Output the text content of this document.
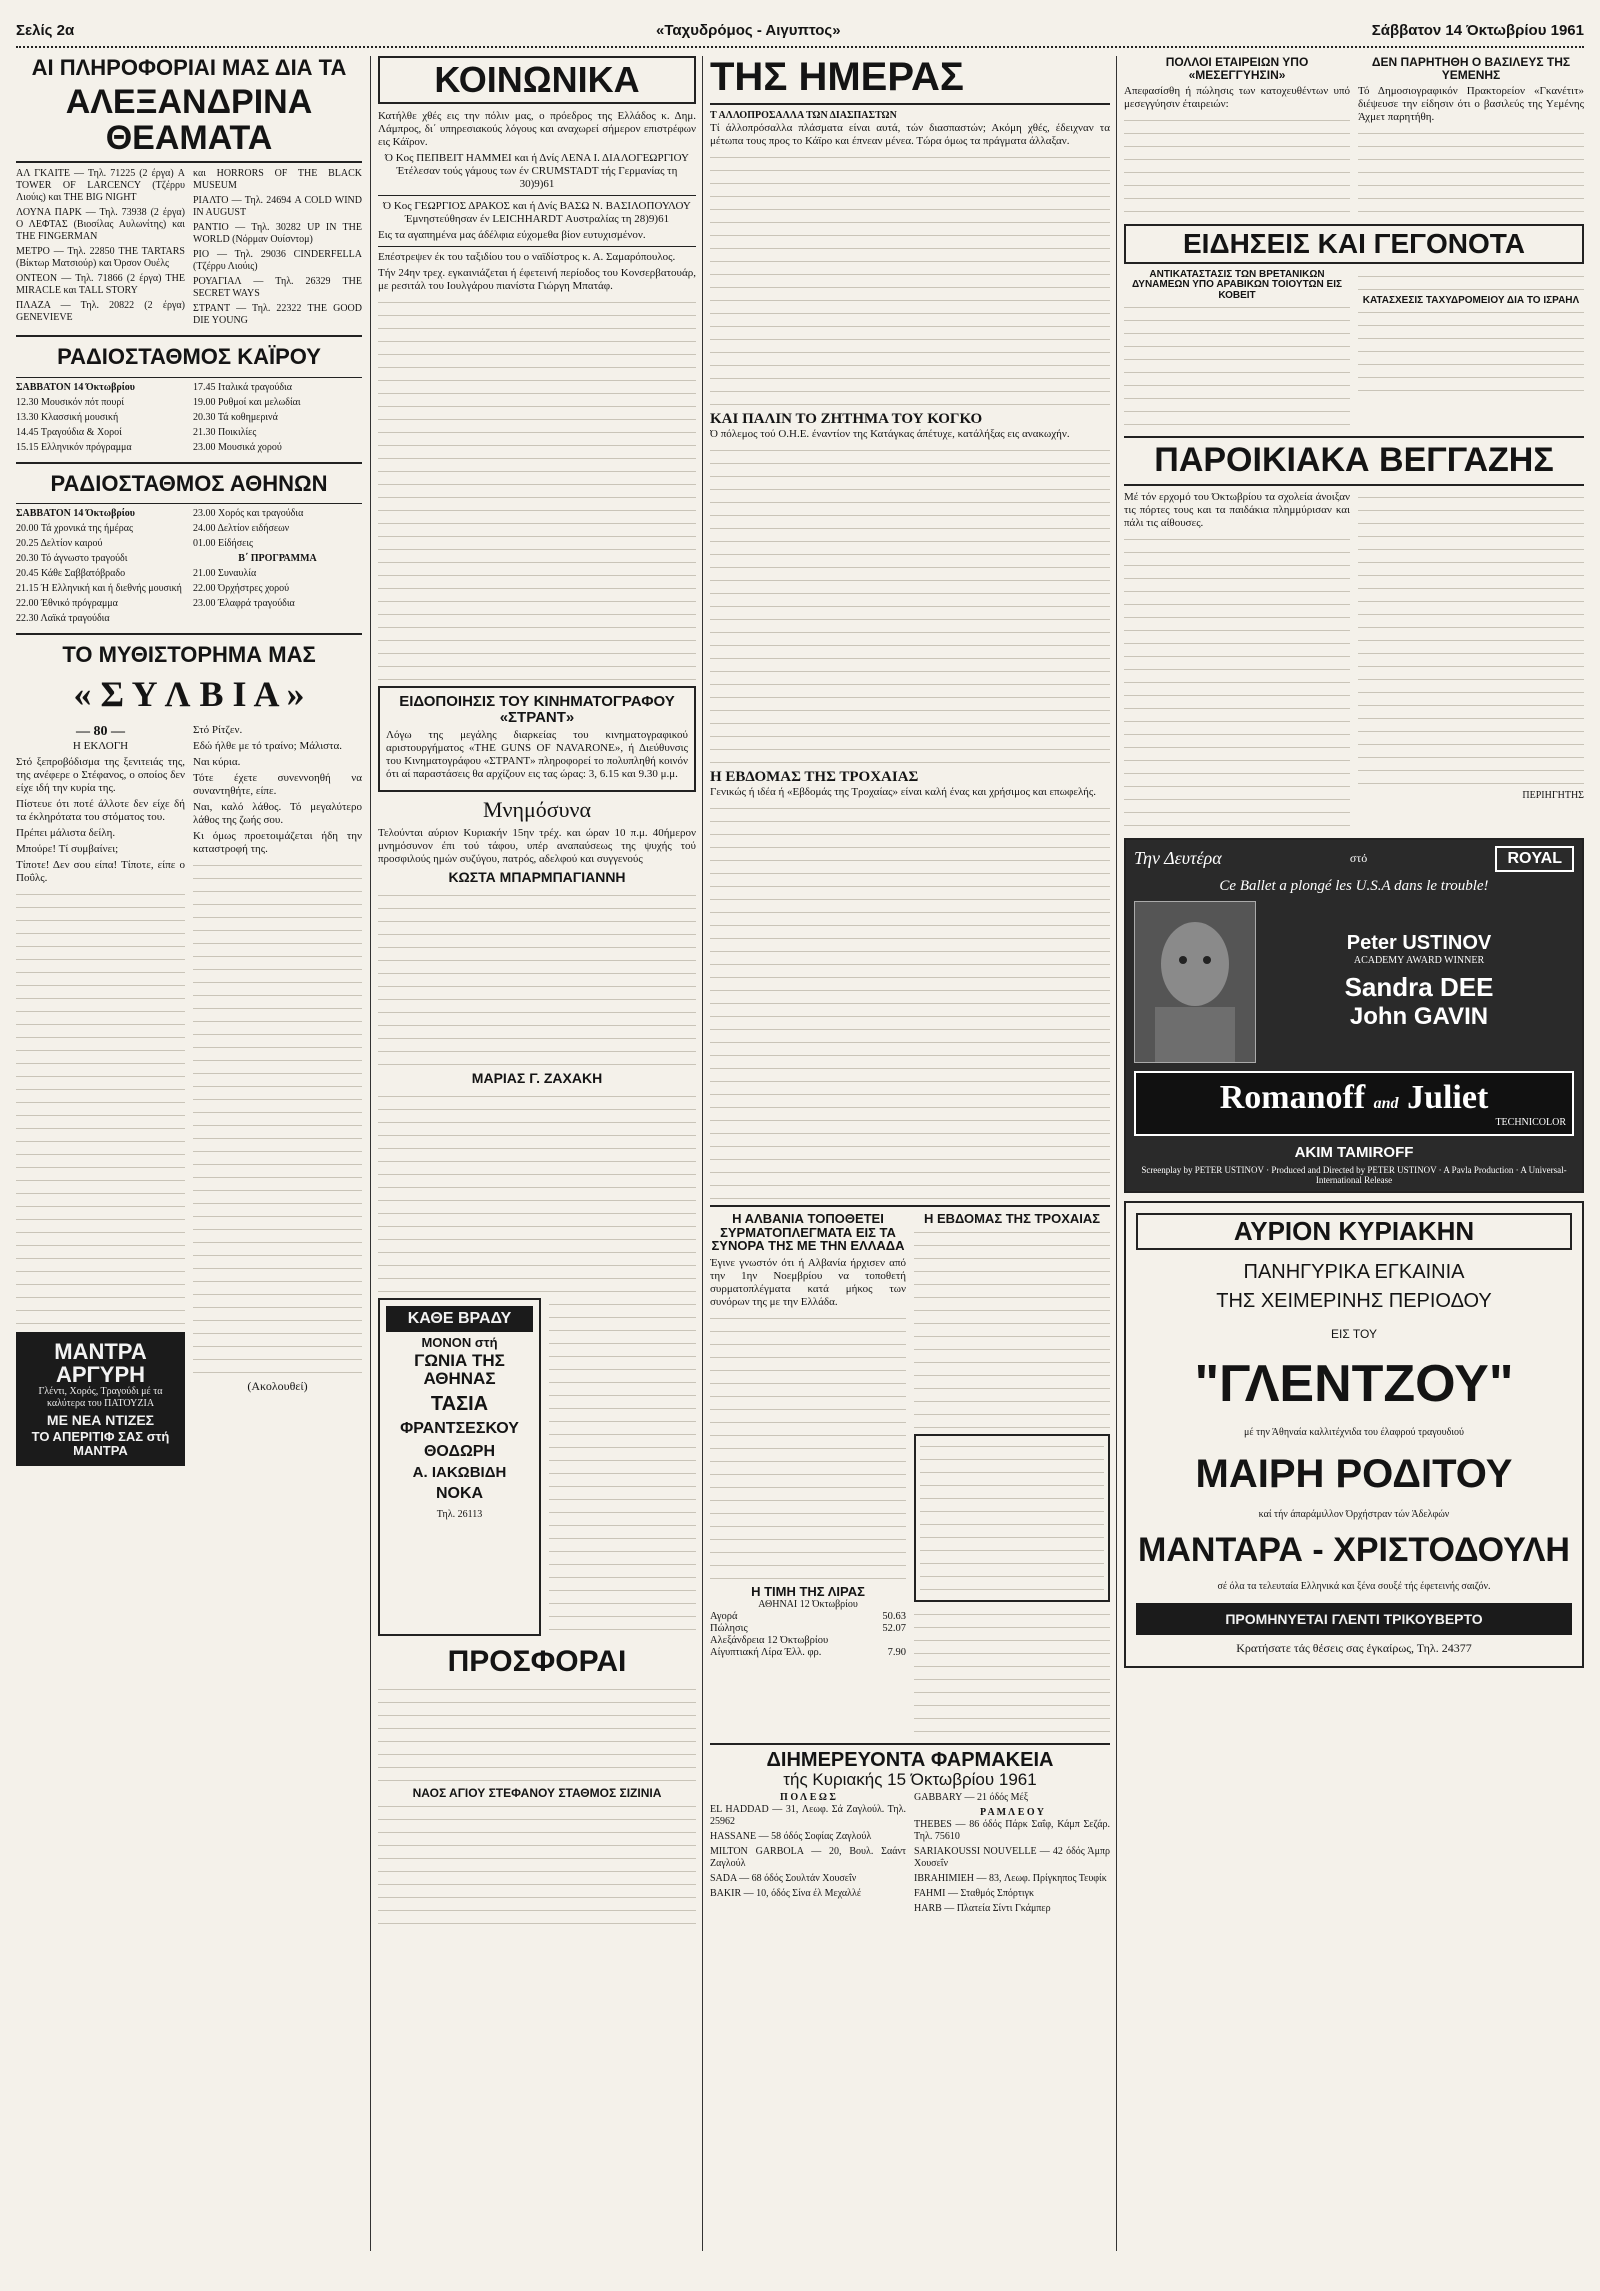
Σελίς 2α	«Ταχυδρόμος - Αιγυπτος»	Σάββατον 14 Όκτωβρίου 1961
ΑΙ ΠΛΗΡΟΦΟΡΙΑΙ ΜΑΣ ΔΙΑ ΤΑ
ΑΛΕΞΑΝΔΡΙΝΑ ΘΕΑΜΑΤΑ

ΑΛ ΓΚΑΙΤΕ — Τηλ. 71225 (2 έργα) A TOWER OF LARCENCY (Τζέρρυ Λιούις) και THE BIG NIGHT

ΛΟΥΝΑ ΠΑΡΚ — Τηλ. 73938 (2 έργα) Ο ΛΕΦΤΑΣ (Βιοσίλας Αυλωνίτης) και THE FINGERMAN

ΜΕΤΡΟ — Τηλ. 22850 THE TARTARS (Βίκτωρ Ματσιούρ) και Όρσον Ουέλς

ΟΝΤΕΟΝ — Τηλ. 71866 (2 έργα) THE MIRACLE και TALL STORY

ΠΛΑΖΑ — Τηλ. 20822 (2 έργα) GENEVIEVE

και HORRORS OF THE BLACK MUSEUM

ΡΙΑΛΤΟ — Τηλ. 24694 A COLD WIND IN AUGUST

ΡΑΝΤΙΟ — Τηλ. 30282 UP IN THE WORLD (Νόρμαν Ουίσντομ)

ΡΙΟ — Τηλ. 29036 CINDERFELLA (Τζέρρυ Λιούις)

ΡΟΥΑΓΙΑΛ — Τηλ. 26329 THE SECRET WAYS

ΣΤΡΑΝΤ — Τηλ. 22322 THE GOOD DIE YOUNG

ΡΑΔΙΟΣΤΑΘΜΟΣ ΚΑΪΡΟΥ

ΣΑΒΒΑΤΟΝ 14 Όκτωβρίου

12.30 Μουσικόν πότ πουρί

13.30 Κλασσική μουσική

14.45 Τραγούδια & Χοροί

15.15 Ελληνικόν πρόγραμμα

17.45 Ιταλικά τραγούδια

19.00 Ρυθμοί και μελωδίαι

20.30 Τά κοθημερινά

21.30 Ποικιλίες

23.00 Μουσικά χορού

ΡΑΔΙΟΣΤΑΘΜΟΣ ΑΘΗΝΩΝ

ΣΑΒΒΑΤΟΝ 14 Όκτωβρίου

20.00 Τά χρονικά της ήμέρας

20.25 Δελτίον καιρού

20.30 Τό άγνωστο τραγούδι

20.45 Κάθε Σαββατόβραδο

21.15 Ή Ελληνική και ή διεθνής μουσική

22.00 Έθνικό πρόγραμμα

22.30 Λαϊκά τραγούδια

23.00 Χορός και τραγούδια

24.00 Δελτίον ειδήσεων

01.00 Είδήσεις

Β΄ ΠΡΟΓΡΑΜΜΑ

21.00 Συναυλία

22.00 Όρχήστρες χορού

23.00 Έλαφρά τραγούδια

ΤΟ ΜΥΘΙΣΤΟΡΗΜΑ ΜΑΣ
« Σ Υ Λ Β Ι Α »
— 80 —
Η ΕΚΛΟΓΗ

Στό ξεπροβόδισμα της ξενιτειάς της, της ανέφερε ο Στέφανος, ο οποίος δεν είχε ιδή την κυρία της.

Πίστευε ότι ποτέ άλλοτε δεν είχε δή τα έκληρότατα του στόματος του.

Πρέπει μάλιστα δείλη.

Μπούρε! Τί συμβαίνει;

Τίποτε! Δεν σου είπα! Τίποτε, είπε ο Ποΰλς.

ΜΑΝΤΡΑ ΑΡΓΥΡΗ

Γλέντι, Χορός, Τραγούδι μέ τα καλύτερα του ΠΑΤΟΥΖΙΑ

ΜΕ ΝΕΑ ΝΤΙΖΕΣ
ΤΟ ΑΠΕΡΙΤΙΦ ΣΑΣ στή ΜΑΝΤΡΑ

Στό Ρίτζεν.

Εδώ ήλθε με τό τραίνο; Μάλιστα.

Ναι κύρια.

Τότε έχετε συνεννοηθή να συναντηθήτε, είπε.

Ναι, καλό λάθος. Τό μεγαλύτερο λάθος της ζωής σου.

Κι όμως προετοιμάζεται ήδη την καταστροφή της.

(Ακολουθεί)
ΚΟΙΝΩΝΙΚΑ

Κατήλθε χθές εις την πόλιν μας, ο πρόεδρος της Ελλάδος κ. Δημ. Λάμπρος, δι΄ υπηρεσιακούς λόγους και αναχωρεί σήμερον επιστρέφων εις Κάϊρον.

Ό Κος ΠΕΠΒΕΙΤ ΗΑΜΜΕΙ και ή Δνίς ΛΕΝΑ Ι. ΔΙΑΛΟΓΕΩΡΓΙΟΥ Έτέλεσαν τούς γάμους των έν CRUMSTADT τής Γερμανίας τη 30)9)61

Ό Κος ΓΕΩΡΓΙΟΣ ΔΡΑΚΟΣ και ή Δνίς ΒΑΣΩ Ν. ΒΑΣΙΛΟΠΟΥΛΟΥ Έμνηστεύθησαν έν LEICHHARDT Αυστραλίας τη 28)9)61

Εις τα αγαπημένα μας άδέλφια εύχομεθα βίον ευτυχισμένον.

Επέστρεψεν έκ του ταξιδίου του ο ναϊδίστρος κ. Α. Σαμαρόπουλος.

Τήν 24ην τρεχ. εγκαινιάζεται ή έφετεινή περίοδος του Κονσερβατουάρ, με ρεσιτάλ του Ιουλγάρου πιανίστα Γιώργη Μπατάφ.

ΕΙΔΟΠΟΙΗΣΙΣ ΤΟΥ ΚΙΝΗΜΑΤΟΓΡΑΦΟΥ «ΣΤΡΑΝΤ»

Λόγω της μεγάλης διαρκείας του κινηματογραφικού αριστουργήματος «THE GUNS OF NAVARONE», ή Διεύθυνσις του Κινηματογράφου «ΣΤΡΑΝΤ» πληροφορεί το πολυπληθή κοινόν ότι αί παραστάσεις θα αρχίζουν εις τας ώρας: 3, 6.15 και 9.30 μ.μ.

Μνημόσυνα

Τελούνται αύριον Κυριακήν 15ην τρέχ. και ώραν 10 π.μ. 40ήμερον μνημόσυνον έπι τού τάφου, υπέρ αναπαύσεως της ψυχής τού προσφιλούς ημών συζύγου, πατρός, αδελφού και συγγενούς

ΚΩΣΤΑ ΜΠΑΡΜΠΑΓΙΑΝΝΗ
ΜΑΡΙΑΣ Γ. ΖΑΧΑΚΗ
ΚΑΘΕ ΒΡΑΔΥ
ΜΟΝΟΝ στή
ΓΩΝΙΑ ΤΗΣ ΑΘΗΝΑΣ
ΤΑΣΙΑ
ΦΡΑΝΤΣΕΣΚΟΥ
ΘΟΔΩΡΗ
Α. ΙΑΚΩΒΙΔΗ
ΝΟΚΑ
Τηλ. 26113
ΠΡΟΣΦΟΡΑΙ
ΝΑΟΣ ΑΓΙΟΥ ΣΤΕΦΑΝΟΥ ΣΤΑΘΜΟΣ ΣΙΖΙΝΙΑ
ΤΗΣ ΗΜΕΡΑΣ
Τ ΑΛΛΟΠΡΟΣΑΛΛΑ ΤΩΝ ΔΙΑΣΠΑΣΤΩΝ

Τί άλλοπρόσαλλα πλάσματα είναι αυτά, τών διασπαστών; Ακόμη χθές, έδειχναν τα μέτωπα τους προς το Κάϊρο και έπνεαν μένεα. Τώρα όμως τα πράγματα άλλαξαν.

ΚΑΙ ΠΑΛΙΝ ΤΟ ΖΗΤΗΜΑ ΤΟΥ ΚΟΓΚΟ

Ό πόλεμος τού Ο.Η.Ε. έναντίον της Κατάγκας άπέτυχε, κατάλήξας εις ανακωχήν.

Η ΕΒΔΟΜΑΣ ΤΗΣ ΤΡΟΧΑΙΑΣ

Γενικώς ή ιδέα ή «Εβδομάς της Τροχαίας» είναι καλή ένας και χρήσιμος και επωφελής.

Η ΑΛΒΑΝΙΑ ΤΟΠΟΘΕΤΕΙ ΣΥΡΜΑΤΟΠΛΕΓΜΑΤΑ ΕΙΣ ΤΑ ΣΥΝΟΡΑ ΤΗΣ ΜΕ ΤΗΝ ΕΛΛΑΔΑ

Έγινε γνωστόν ότι ή Αλβανία ήρχισεν από την 1ην Νοεμβρίου να τοποθετή συρματοπλέγματα κατά μήκος των συνόρων της με την Ελλάδα.

Η ΤΙΜΗ ΤΗΣ ΛΙΡΑΣ
ΑΘΗΝΑΙ 12 Όκτωβρίου
Αγορά	50.63
Πώλησις	52.07
Αλεξάνδρεια 12 Όκτωβρίου
Αίγυπτιακή Λίρα Έλλ. φρ.	7.90
Η ΕΒΔΟΜΑΣ ΤΗΣ ΤΡΟΧΑΙΑΣ
ΔΙΗΜΕΡΕΥΟΝΤΑ ΦΑΡΜΑΚΕΙΑ
τής Κυριακής 15 Όκτωβρίου 1961
Π Ο Λ Ε Ω Σ

EL HADDAD — 31, Λεωφ. Σά Ζαγλούλ. Τηλ. 25962

HASSANE — 58 όδός Σοφίας Ζαγλούλ

MILTON GARBOLA — 20, Βουλ. Σαάντ Ζαγλούλ

SADA — 68 όδός Σουλτάν Χουσεΐν

BAKIR — 10, όδός Σίνα έλ Μεχαλλέ

GABBARY — 21 όδός Μέξ

Ρ Α Μ Λ Ε Ο Υ

THEBES — 86 όδός Πάρκ Σαΐφ, Κάμπ Σεζάρ. Τηλ. 75610

SARIAKOUSSI NOUVELLE — 42 όδός Άμπρ Χουσεΐν

IBRAHIMIEH — 83, Λεωφ. Πρίγκηπος Τευφίκ

FAHMI — Σταθμός Σπόρτιγκ

HARB — Πλατεία Σίντι Γκάμπερ

ΠΟΛΛΟΙ ΕΤΑΙΡΕΙΩΝ ΥΠΟ «ΜΕΣΕΓΓΥΗΣΙΝ»

Απεφασίσθη ή πώλησις των κατοχευθέντων υπό μεσεγγύησιν έταιρειών:

ΔΕΝ ΠΑΡΗΤΗΘΗ Ο ΒΑΣΙΛΕΥΣ ΤΗΣ ΥΕΜΕΝΗΣ

Τό Δημοσιογραφικόν Πρακτορείον «Γκανέτιτ» διέψευσε την είδησιν ότι ο βασιλεύς της Υεμένης Άχμετ παρητήθη.

ΕΙΔΗΣΕΙΣ ΚΑΙ ΓΕΓΟΝΟΤΑ
ΑΝΤΙΚΑΤΑΣΤΑΣΙΣ ΤΩΝ ΒΡΕΤΑΝΙΚΩΝ ΔΥΝΑΜΕΩΝ ΥΠΟ ΑΡΑΒΙΚΩΝ ΤΟΙΟΥΤΩΝ ΕΙΣ ΚΟΒΕΙΤ	ΚΑΤΑΣΧΕΣΙΣ ΤΑΧΥΔΡΟΜΕΙΟΥ ΔΙΑ ΤΟ ΙΣΡΑΗΛ
ΠΑΡΟΙΚΙΑΚΑ ΒΕΓΓΑΖΗΣ

Μέ τόν ερχομό του Όκτωβρίου τα σχολεία άνοιξαν τις πόρτες τους και τα παιδάκια πλημμύρισαν και πάλι τις αίθουσες.

ΠΕΡΙΗΓΗΤΗΣ
Την Δευτέρα	στό	ROYAL
Ce Ballet a plongé les U.S.A dans le trouble!
Peter USTINOV
ACADEMY AWARD WINNER
Sandra DEE
John GAVIN
Romanoff and Juliet
TECHNICOLOR
AKIM TAMIROFF
Screenplay by PETER USTINOV · Produced and Directed by PETER USTINOV · A Pavla Production · A Universal-International Release
ΑΥΡΙΟΝ ΚΥΡΙΑΚΗΝ
ΠΑΝΗΓΥΡΙΚΑ ΕΓΚΑΙΝΙΑ
ΤΗΣ ΧΕΙΜΕΡΙΝΗΣ ΠΕΡΙΟΔΟΥ
ΕΙΣ ΤΟΥ
"ΓΛΕΝΤΖΟΥ"
μέ την Άθηναία καλλιτέχνιδα του έλαφρού τραγουδιού
ΜΑΙΡΗ ΡΟΔΙΤΟΥ
καί τήν άπαράμιλλον Όρχήστραν τών Άδελφών
ΜΑΝΤΑΡΑ - ΧΡΙΣΤΟΔΟΥΛΗ
σέ όλα τα τελευταία Ελληνικά και ξένα σουξέ τής έφετεινής σαιζόν.
ΠΡΟΜΗΝΥΕΤΑΙ ΓΛΕΝΤΙ ΤΡΙΚΟΥΒΕΡΤΟ
Κρατήσατε τάς θέσεις σας έγκαίρως, Τηλ. 24377
